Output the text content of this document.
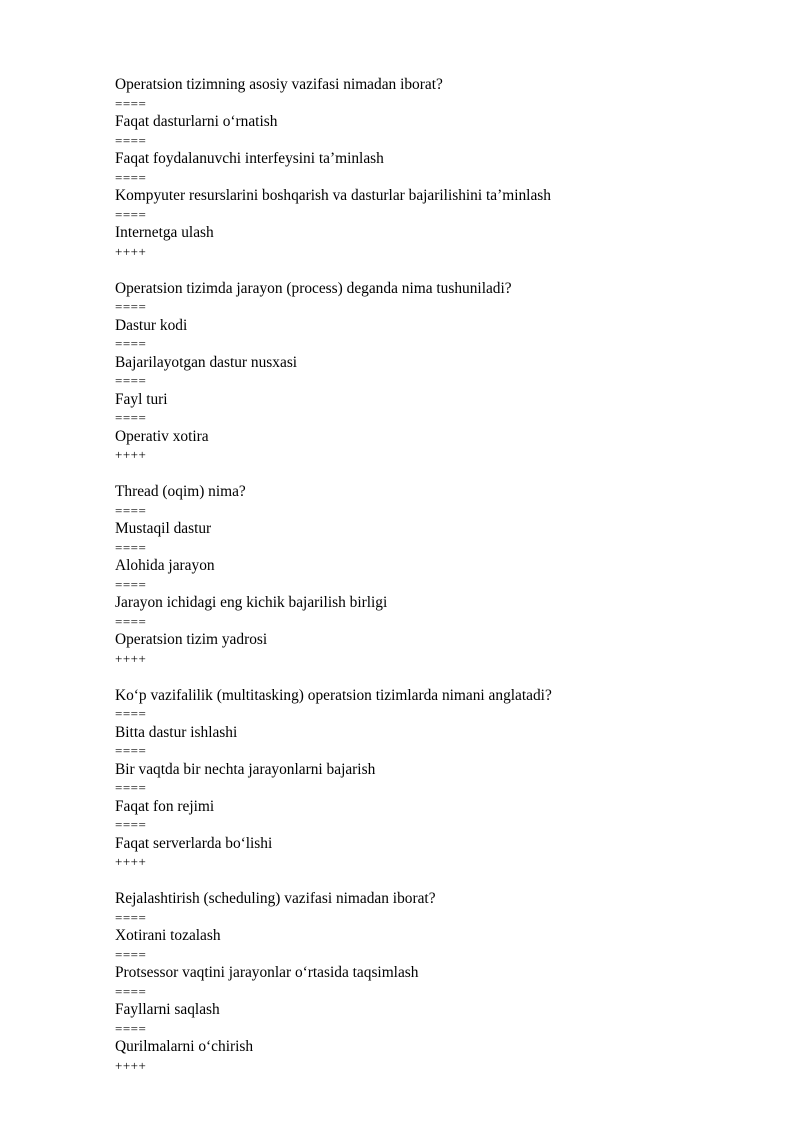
Operatsion tizimning asosiy vazifasi nimadan iborat?
====
Faqat dasturlarni o‘rnatish
====
Faqat foydalanuvchi interfeysini ta’minlash
====
Kompyuter resurslarini boshqarish va dasturlar bajarilishini ta’minlash
====
Internetga ulash
++++
Operatsion tizimda jarayon (process) deganda nima tushuniladi?
====
Dastur kodi
====
Bajarilayotgan dastur nusxasi
====
Fayl turi
====
Operativ xotira
++++
Thread (oqim) nima?
====
Mustaqil dastur
====
Alohida jarayon
====
Jarayon ichidagi eng kichik bajarilish birligi
====
Operatsion tizim yadrosi
++++
Ko‘p vazifalilik (multitasking) operatsion tizimlarda nimani anglatadi?
====
Bitta dastur ishlashi
====
Bir vaqtda bir nechta jarayonlarni bajarish
====
Faqat fon rejimi
====
Faqat serverlarda bo‘lishi
++++
Rejalashtirish (scheduling) vazifasi nimadan iborat?
====
Xotirani tozalash
====
Protsessor vaqtini jarayonlar o‘rtasida taqsimlash
====
Fayllarni saqlash
====
Qurilmalarni o‘chirish
++++
